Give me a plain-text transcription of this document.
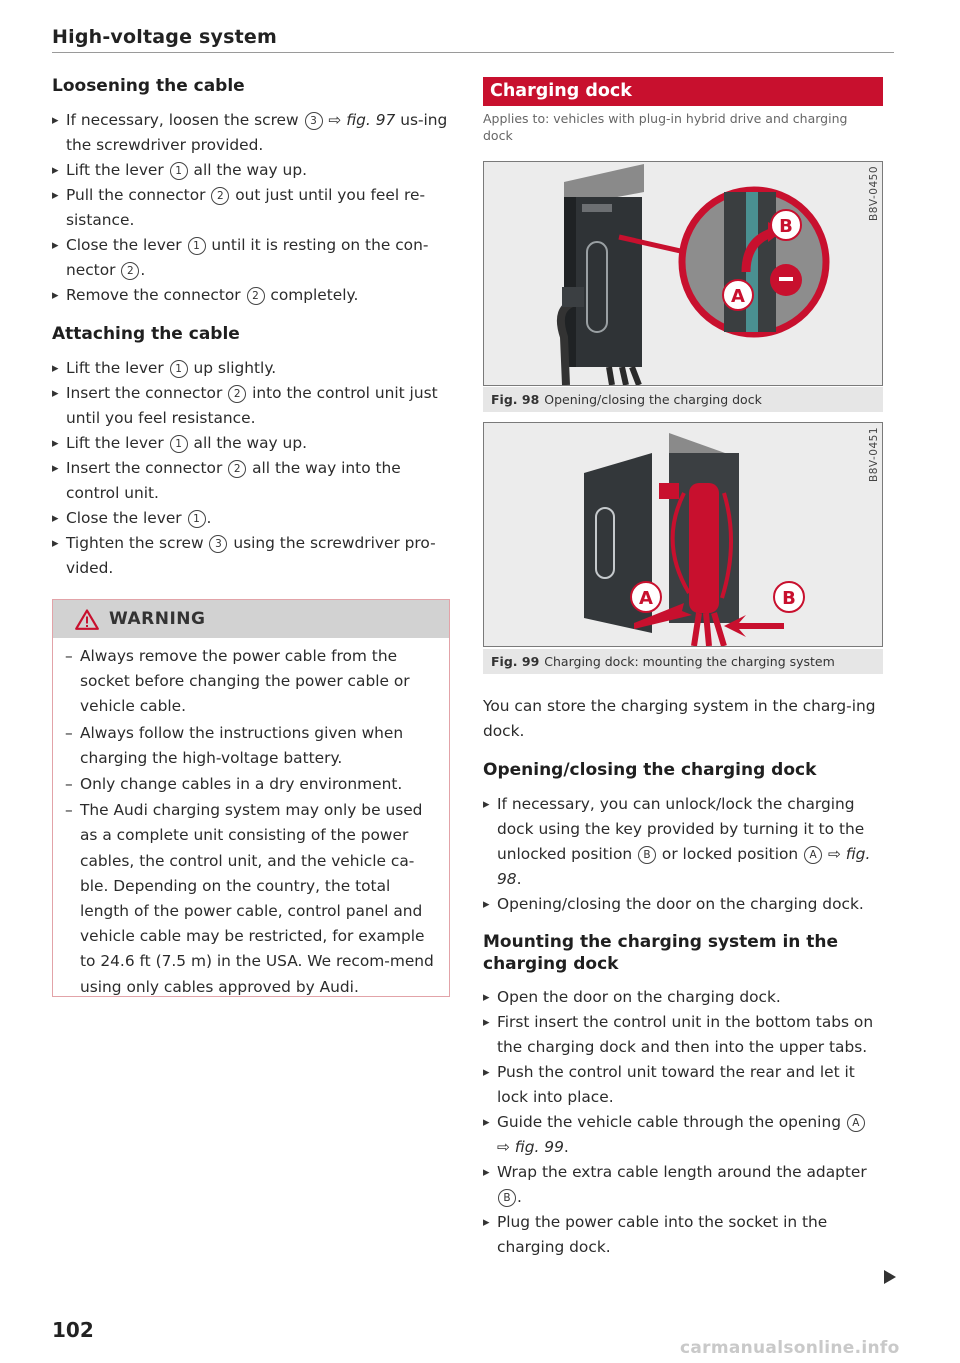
High-voltage system
Loosening the cable
▸ If necessary, loosen the screw 3 ⇨ fig. 97 us-ing the screwdriver provided.
▸ Lift the lever 1 all the way up.
▸ Pull the connector 2 out just until you feel re-sistance.
▸ Close the lever 1 until it is resting on the con-nector 2 .
▸ Remove the connector 2 completely.
Attaching the cable
▸ Lift the lever 1 up slightly.
▸ Insert the connector 2 into the control unit just until you feel resistance.
▸ Lift the lever 1 all the way up.
▸ Insert the connector 2 all the way into the control unit.
▸ Close the lever 1 .
▸ Tighten the screw 3 using the screwdriver pro-vided.
WARNING

– Always remove the power cable from the socket before changing the power cable or vehicle cable.

– Always follow the instructions given when charging the high-voltage battery.

– Only change cables in a dry environment.

– The Audi charging system may only be used as a complete unit consisting of the power cables, the control unit, and the vehicle ca-ble. Depending on the country, the total length of the power cable, control panel and vehicle cable may be restricted, for example to 24.6 ft (7.5 m) in the USA. We recom-mend using only cables approved by Audi.

102
Charging dock
Applies to: vehicles with plug-in hybrid drive and charging dock
B
A
B8V-0450
Fig. 98 Opening/closing the charging dock
A	B
B8V-0451
Fig. 99 Charging dock: mounting the charging system

You can store the charging system in the charg-ing dock.

Opening/closing the charging dock
▸ If necessary, you can unlock/lock the charging dock using the key provided by turning it to the unlocked position B or locked position A ⇨ fig. 98.
▸ Opening/closing the door on the charging dock.
Mounting the charging system in the charging dock
▸ Open the door on the charging dock.
▸ First insert the control unit in the bottom tabs on the charging dock and then into the upper tabs.
▸ Push the control unit toward the rear and let it lock into place.
▸ Guide the vehicle cable through the opening A ⇨ fig. 99.
▸ Wrap the extra cable length around the adapter B .
▸ Plug the power cable into the socket in the charging dock.
carmanualsonline.info
